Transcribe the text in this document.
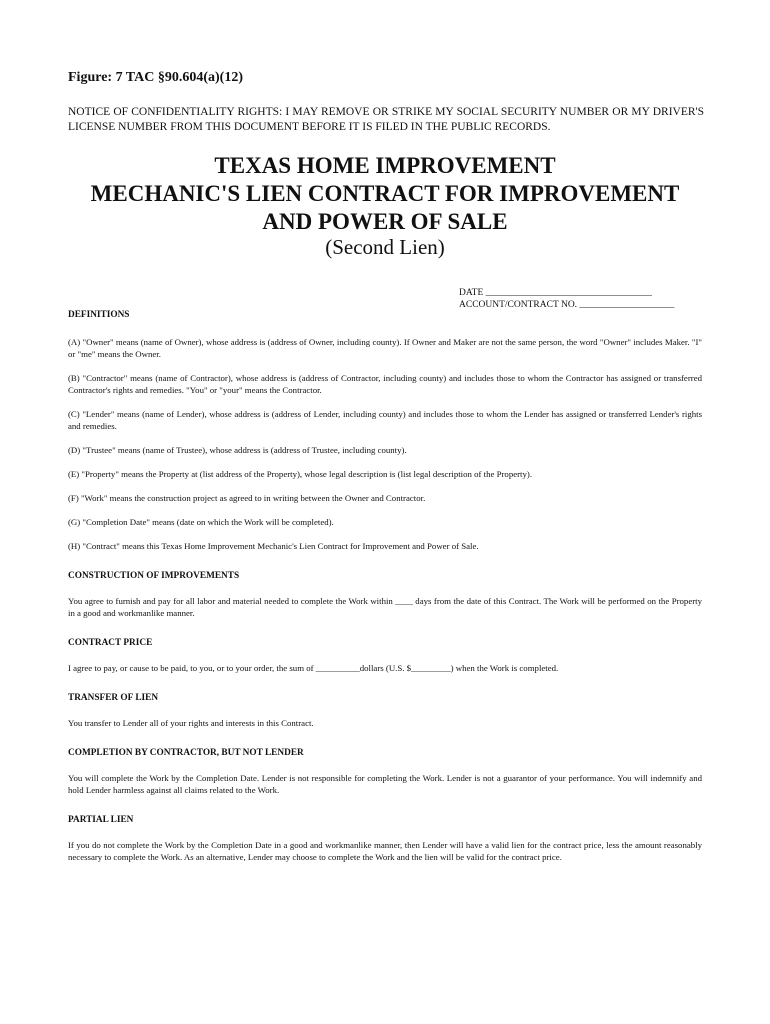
Figure: 7 TAC §90.604(a)(12)
NOTICE OF CONFIDENTIALITY RIGHTS: I MAY REMOVE OR STRIKE MY SOCIAL SECURITY NUMBER OR MY DRIVER'S LICENSE NUMBER FROM THIS DOCUMENT BEFORE IT IS FILED IN THE PUBLIC RECORDS.
TEXAS HOME IMPROVEMENT
MECHANIC'S LIEN CONTRACT FOR IMPROVEMENT
AND POWER OF SALE
(Second Lien)
DATE ___________________________________
ACCOUNT/CONTRACT NO. ____________________

DEFINITIONS

(A) "Owner" means (name of Owner), whose address is (address of Owner, including county). If Owner and Maker are not the same person, the word "Owner" includes Maker. "I" or "me" means the Owner.

(B) "Contractor" means (name of Contractor), whose address is (address of Contractor, including county) and includes those to whom the Contractor has assigned or transferred Contractor's rights and remedies. "You" or "your" means the Contractor.

(C) "Lender" means (name of Lender), whose address is (address of Lender, including county) and includes those to whom the Lender has assigned or transferred Lender's rights and remedies.

(D) "Trustee" means (name of Trustee), whose address is (address of Trustee, including county).

(E) "Property" means the Property at (list address of the Property), whose legal description is (list legal description of the Property).

(F) "Work" means the construction project as agreed to in writing between the Owner and Contractor.

(G) "Completion Date" means (date on which the Work will be completed).

(H) "Contract" means this Texas Home Improvement Mechanic's Lien Contract for Improvement and Power of Sale.

CONSTRUCTION OF IMPROVEMENTS

You agree to furnish and pay for all labor and material needed to complete the Work within ____ days from the date of this Contract. The Work will be performed on the Property in a good and workmanlike manner.

CONTRACT PRICE

I agree to pay, or cause to be paid, to you, or to your order, the sum of __________dollars (U.S. $_________) when the Work is completed.

TRANSFER OF LIEN

You transfer to Lender all of your rights and interests in this Contract.

COMPLETION BY CONTRACTOR, BUT NOT LENDER

You will complete the Work by the Completion Date. Lender is not responsible for completing the Work. Lender is not a guarantor of your performance. You will indemnify and hold Lender harmless against all claims related to the Work.

PARTIAL LIEN

If you do not complete the Work by the Completion Date in a good and workmanlike manner, then Lender will have a valid lien for the contract price, less the amount reasonably necessary to complete the Work. As an alternative, Lender may choose to complete the Work and the lien will be valid for the contract price.
